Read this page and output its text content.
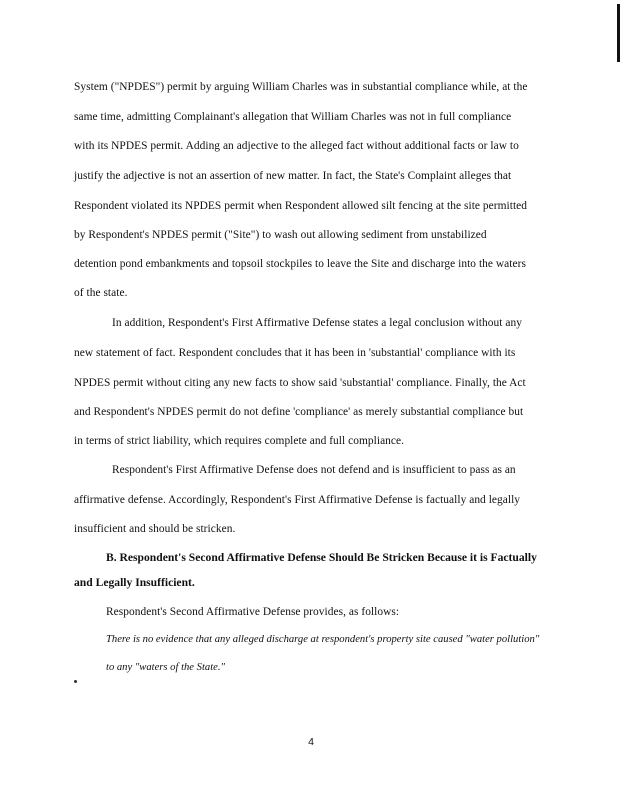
System ("NPDES") permit by arguing William Charles was in substantial compliance while, at the
same time, admitting Complainant's allegation that William Charles was not in full compliance
with its NPDES permit. Adding an adjective to the alleged fact without additional facts or law to
justify the adjective is not an assertion of new matter. In fact, the State's Complaint alleges that
Respondent violated its NPDES permit when Respondent allowed silt fencing at the site permitted
by Respondent's NPDES permit ("Site") to wash out allowing sediment from unstabilized
detention pond embankments and topsoil stockpiles to leave the Site and discharge into the waters
of the state.
In addition, Respondent's First Affirmative Defense states a legal conclusion without any
new statement of fact. Respondent concludes that it has been in 'substantial' compliance with its
NPDES permit without citing any new facts to show said 'substantial' compliance. Finally, the Act
and Respondent's NPDES permit do not define 'compliance' as merely substantial compliance but
in terms of strict liability, which requires complete and full compliance.
Respondent's First Affirmative Defense does not defend and is insufficient to pass as an
affirmative defense. Accordingly, Respondent's First Affirmative Defense is factually and legally
insufficient and should be stricken.
B. Respondent's Second Affirmative Defense Should Be Stricken Because it is Factually
and Legally Insufficient.
Respondent's Second Affirmative Defense provides, as follows:
There is no evidence that any alleged discharge at respondent's property site caused "water pollution"
to any "waters of the State."
4
